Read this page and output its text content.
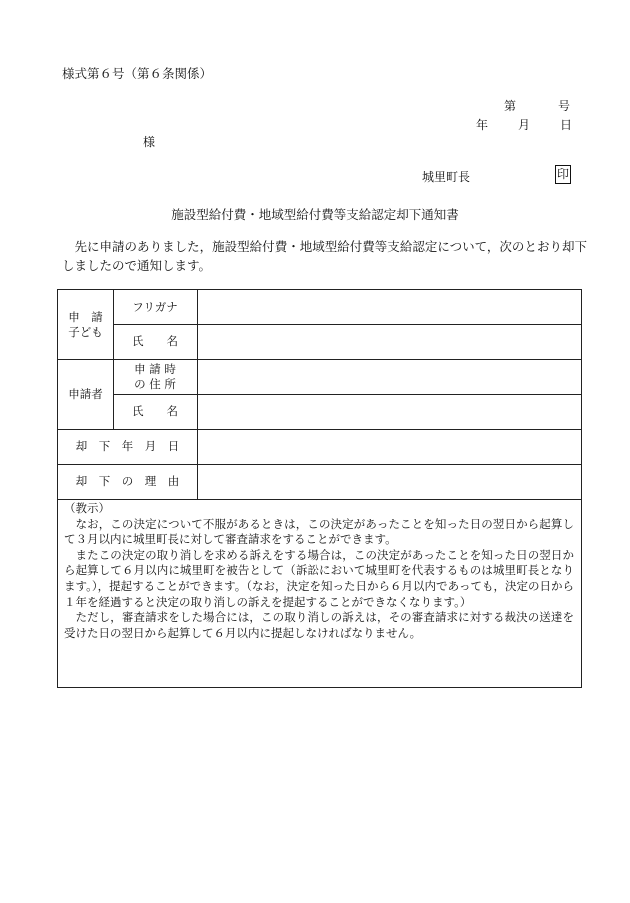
様式第６号（第６条関係）
第	号
年 月 日
様
城里町長	印
施設型給付費・地域型給付費等支給認定却下通知書
先に申請のありました，施設型給付費・地域型給付費等支給認定について，次のとおり却下しましたので通知します。
申　請
子ども
フリガナ
氏　　名
申請者
申 請 時
の 住 所
氏　　名
却　下　年　月　日
却　下　の　理　由

（教示）

なお，この決定について不服があるときは，この決定があったことを知った日の翌日から起算して３月以内に城里町長に対して審査請求をすることができます。

またこの決定の取り消しを求める訴えをする場合は，この決定があったことを知った日の翌日から起算して６月以内に城里町を被告として（訴訟において城里町を代表するものは城里町長となります。），提起することができます。（なお，決定を知った日から６月以内であっても，決定の日から１年を経過すると決定の取り消しの訴えを提起することができなくなります。）

ただし，審査請求をした場合には，この取り消しの訴えは，その審査請求に対する裁決の送達を受けた日の翌日から起算して６月以内に提起しなければなりません。
